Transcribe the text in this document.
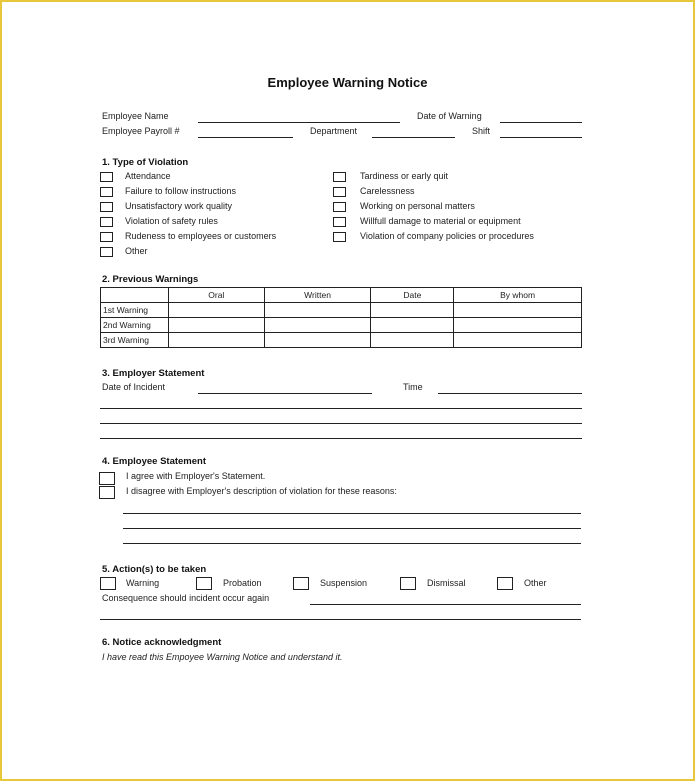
Employee Warning Notice
Employee Name	Date of Warning
Employee Payroll #	Department	Shift
1. Type of Violation
Attendance
Failure to follow instructions
Unsatisfactory work quality
Violation of safety rules
Rudeness to employees or customers
Other
Tardiness or early quit
Carelessness
Working on personal matters
Willfull damage to material or equipment
Violation of company policies or procedures
2. Previous Warnings
	Oral	Written	Date	By whom
1st Warning				
2nd Warning				
3rd Warning				
3. Employer Statement
Date of Incident	Time
4. Employee Statement
I agree with Employer's Statement.
I disagree with Employer's description of violation for these reasons:
5. Action(s) to be taken
Warning	Probation	Suspension	Dismissal	Other
Consequence should incident occur again
6. Notice acknowledgment
I have read this Empoyee Warning Notice and understand it.
